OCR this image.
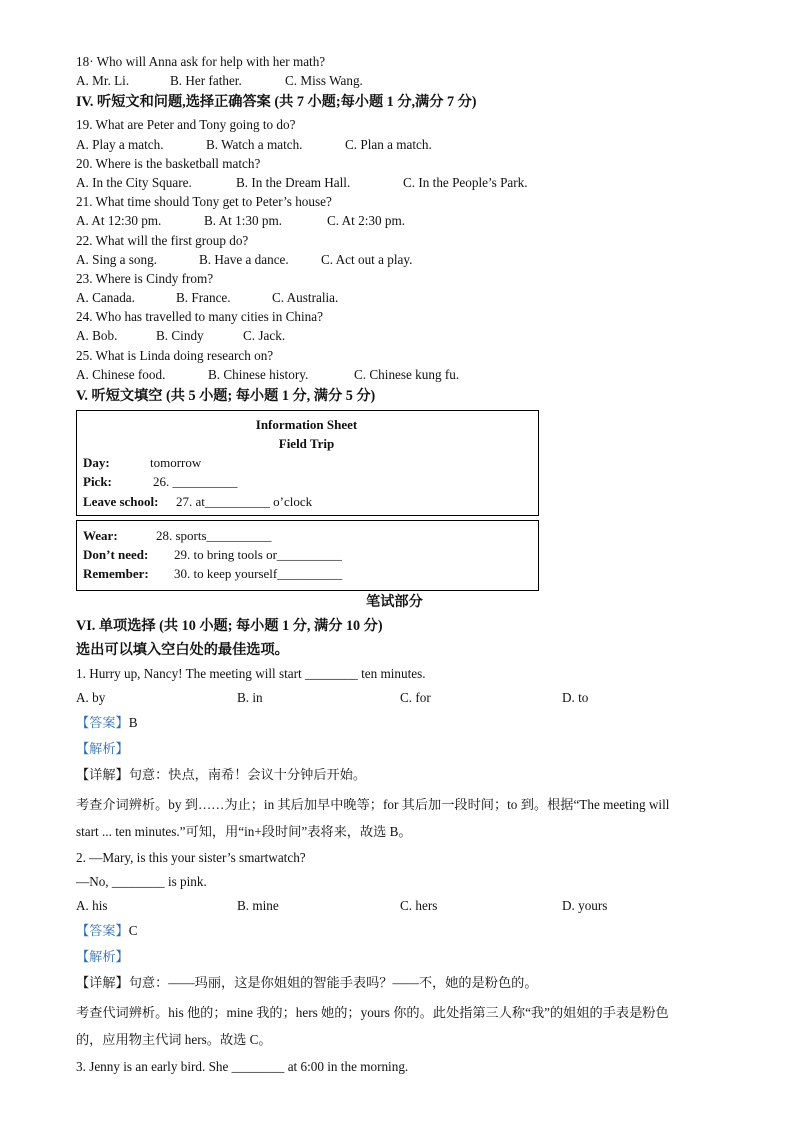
18· Who will Anna ask for help with her math?
A. Mr. Li.	B. Her father.	C. Miss Wang.
IV. 听短文和问题,选择正确答案 (共 7 小题;每小题 1 分,满分 7 分)
19. What are Peter and Tony going to do?
A. Play a match.	B. Watch a match.	C. Plan a match.
20. Where is the basketball match?
A. In the City Square.	B. In the Dream Hall.	C. In the People’s Park.
21. What time should Tony get to Peter’s house?
A. At 12:30 pm.	B. At 1:30 pm.	C. At 2:30 pm.
22. What will the first group do?
A. Sing a song.	B. Have a dance. C. Act out a play.
23. Where is Cindy from?
A. Canada.	B. France.	C. Australia.
24. Who has travelled to many cities in China?
A. Bob.	B. Cindy	C. Jack.
25. What is Linda doing research on?
A. Chinese food.	B. Chinese history.	C. Chinese kung fu.
V. 听短文填空 (共 5 小题; 每小题 1 分, 满分 5 分)
Information Sheet
Field Trip
Day:	tomorrow
Pick:	26. __________
Leave school: 27. at__________ o’clock
Wear:	28. sports__________
Don’t need: 29. to bring tools or__________
Remember: 30. to keep yourself__________
笔试部分
VI. 单项选择 (共 10 小题; 每小题 1 分, 满分 10 分)
选出可以填入空白处的最佳选项。
1. Hurry up, Nancy! The meeting will start ________ ten minutes.
A. by	B. in	C. for	D. to
【答案】B
【解析】
【详解】句意：快点，南希！会议十分钟后开始。
考查介词辨析。by 到……为止；in 其后加早中晚等；for 其后加一段时间；to 到。根据“The meeting will
start ... ten minutes.”可知，用“in+段时间”表将来，故选 B。
2. —Mary, is this your sister’s smartwatch?
—No, ________ is pink.
A. his	B. mine	C. hers	D. yours
【答案】C
【解析】
【详解】句意：——玛丽，这是你姐姐的智能手表吗？——不，她的是粉色的。
考查代词辨析。his 他的；mine 我的；hers 她的；yours 你的。此处指第三人称“我”的姐姐的手表是粉色
的，应用物主代词 hers。故选 C。
3. Jenny is an early bird. She ________ at 6:00 in the morning.
